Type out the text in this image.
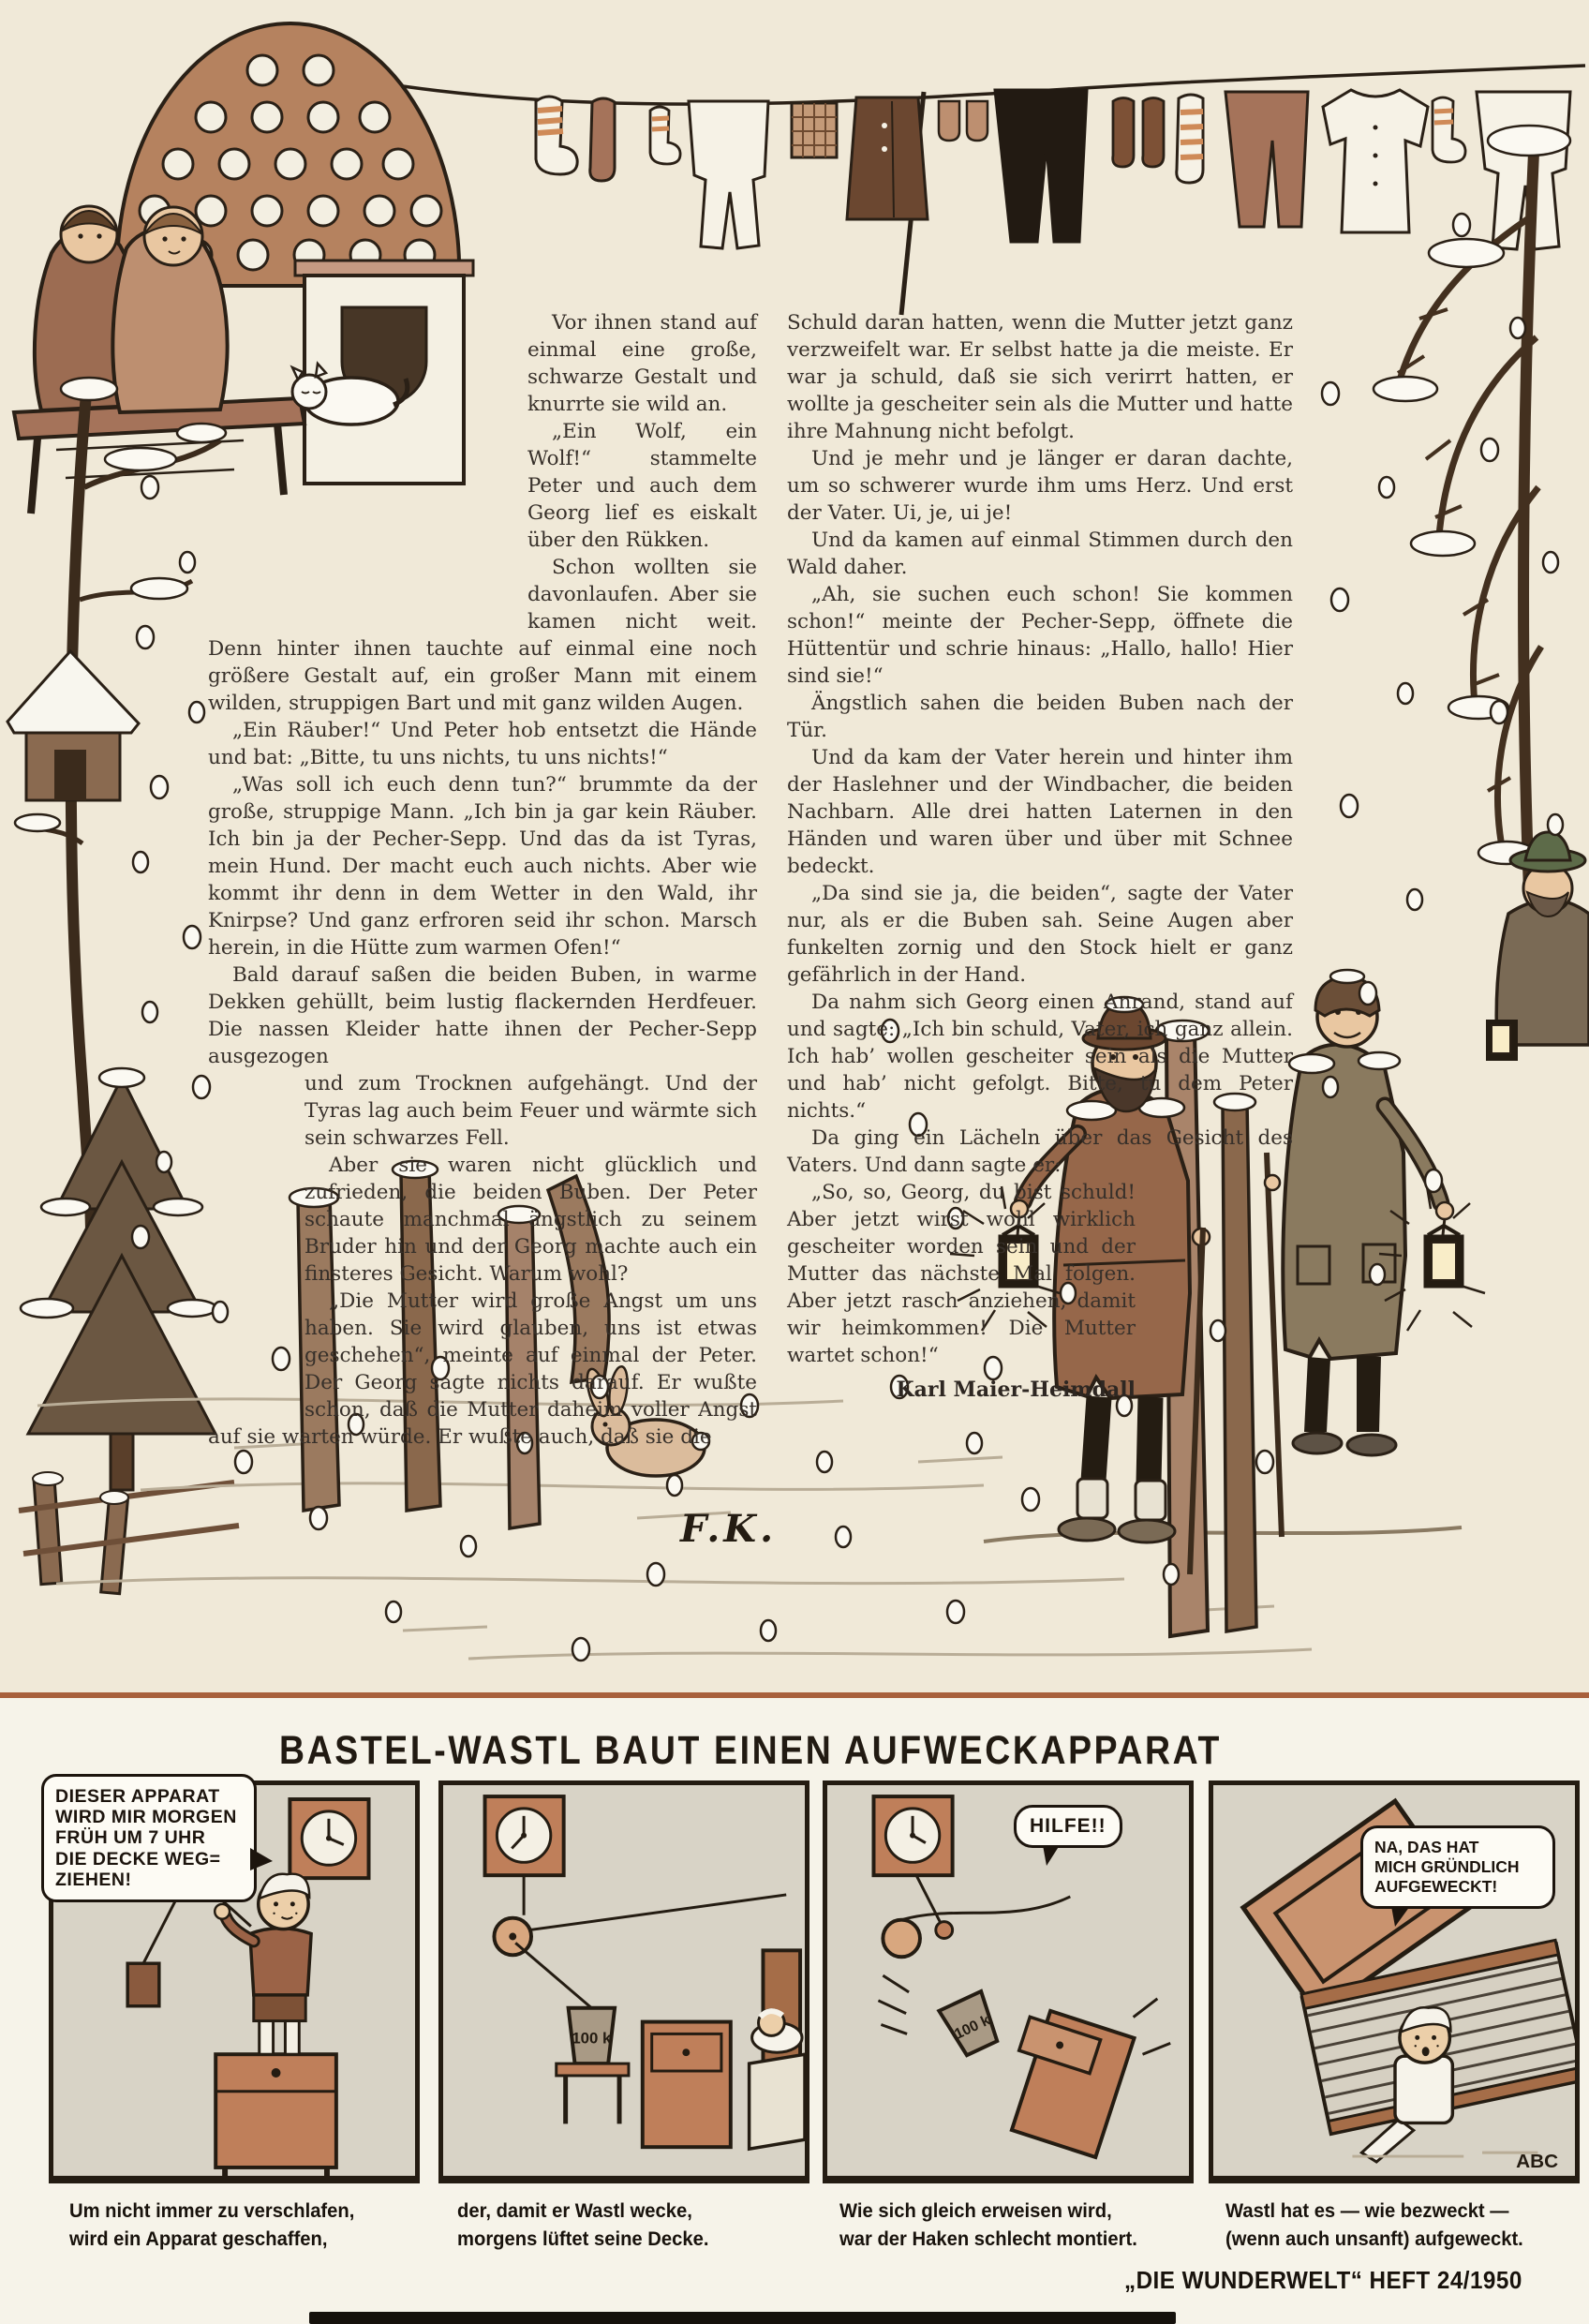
Vor ihnen stand auf einmal eine große, schwarze Gestalt und knurrte sie wild an.

„Ein Wolf, ein Wolf!“ stammelte Peter und auch dem Georg lief es eiskalt über den Rükken.

Schon wollten sie davonlaufen. Aber sie kamen nicht weit. Denn hinter ihnen tauchte auf einmal eine noch größere Gestalt auf, ein großer Mann mit einem wilden, struppigen Bart und mit ganz wilden Augen.

„Ein Räuber!“ Und Peter hob entsetzt die Hände und bat: „Bitte, tu uns nichts, tu uns nichts!“

„Was soll ich euch denn tun?“ brummte da der große, struppige Mann. „Ich bin ja gar kein Räuber. Ich bin ja der Pecher-Sepp. Und das da ist Tyras, mein Hund. Der macht euch auch nichts. Aber wie kommt ihr denn in dem Wetter in den Wald, ihr Knirpse? Und ganz erfroren seid ihr schon. Marsch herein, in die Hütte zum warmen Ofen!“

Bald darauf saßen die beiden Buben, in warme Dekken gehüllt, beim lustig flackernden Herdfeuer. Die nassen Kleider hatte ihnen der Pecher-Sepp ausgezogen

und zum Trocknen aufgehängt. Und der Tyras lag auch beim Feuer und wärmte sich sein schwarzes Fell.

Aber sie waren nicht glücklich und zufrieden, die beiden Buben. Der Peter schaute manchmal ängstlich zu seinem Bruder hin und der Georg machte auch ein finsteres Gesicht. Warum wohl?

„Die Mutter wird große Angst um uns haben. Sie wird glauben, uns ist etwas geschehen“, meinte auf einmal der Peter. Der Georg sagte nichts darauf. Er wußte schon, daß die Mutter daheim voller Angst auf sie warten würde. Er wußte auch, daß sie die

Schuld daran hatten, wenn die Mutter jetzt ganz verzweifelt war. Er selbst hatte ja die meiste. Er war ja schuld, daß sie sich verirrt hatten, er wollte ja gescheiter sein als die Mutter und hatte ihre Mahnung nicht befolgt.

Und je mehr und je länger er daran dachte, um so schwerer wurde ihm ums Herz. Und erst der Vater. Ui, je, ui je!

Und da kamen auf einmal Stimmen durch den Wald daher.

„Ah, sie suchen euch schon! Sie kommen schon!“ meinte der Pecher-Sepp, öffnete die Hüttentür und schrie hinaus: „Hallo, hallo! Hier sind sie!“

Ängstlich sahen die beiden Buben nach der Tür.

Und da kam der Vater herein und hinter ihm der Haslehner und der Windbacher, die beiden Nachbarn. Alle drei hatten Laternen in den Händen und waren über und über mit Schnee bedeckt.

„Da sind sie ja, die beiden“, sagte der Vater nur, als er die Buben sah. Seine Augen aber funkelten zornig und den Stock hielt er ganz gefährlich in der Hand.

Da nahm sich Georg einen Anrand, stand auf und sagte: „Ich bin schuld, Vater, ich ganz allein. Ich hab’ wollen gescheiter sein als die Mutter und hab’ nicht gefolgt. Bitte, tu dem Peter nichts.“

Da ging ein Lächeln über das Gesicht des Vaters. Und dann sagte er:

„So, so, Georg, du bist schuld! Aber jetzt wirst wohl wirklich gescheiter worden sein und der Mutter das nächste Mal folgen. Aber jetzt rasch anziehen, damit wir heimkommen! Die Mutter wartet schon!“

Karl Maier-Heimdall
F.K.
BASTEL-WASTL BAUT EINEN AUFWECKAPPARAT
100 k	100 k
ABC
DIESER APPARAT
WIRD MIR MORGEN
FRÜH UM 7 UHR
DIE DECKE WEG=
ZIEHEN!
HILFE!!
NA, DAS HAT
MICH GRÜNDLICH
AUFGEWECKT!
Um nicht immer zu verschlafen,
wird ein Apparat geschaffen,
der, damit er Wastl wecke,
morgens lüftet seine Decke.
Wie sich gleich erweisen wird,
war der Haken schlecht montiert.
Wastl hat es — wie bezweckt —
(wenn auch unsanft) aufgeweckt.
„DIE WUNDERWELT“ HEFT 24/1950
